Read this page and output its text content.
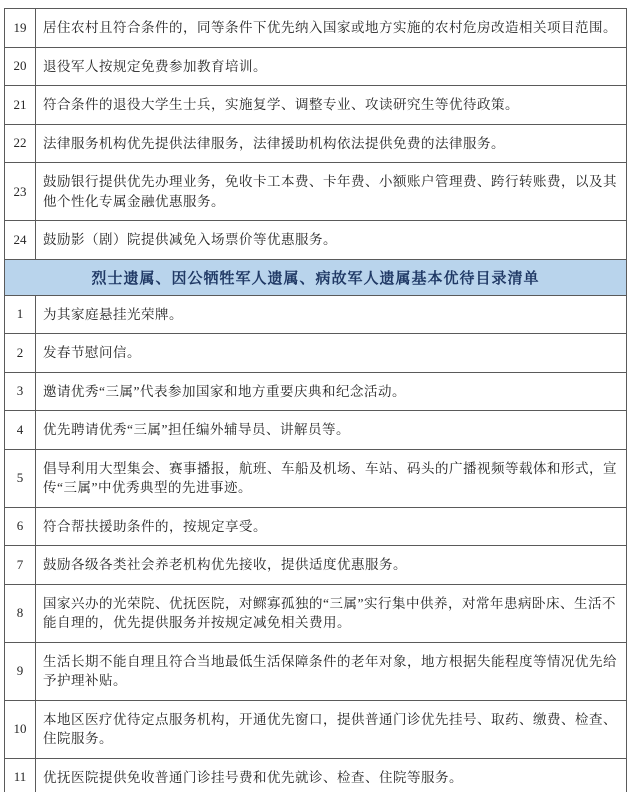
19	居住农村且符合条件的，同等条件下优先纳入国家或地方实施的农村危房改造相关项目范围。
20	退役军人按规定免费参加教育培训。
21	符合条件的退役大学生士兵，实施复学、调整专业、攻读研究生等优待政策。
22	法律服务机构优先提供法律服务，法律援助机构依法提供免费的法律服务。
23	鼓励银行提供优先办理业务，免收卡工本费、卡年费、小额账户管理费、跨行转账费，以及其他个性化专属金融优惠服务。
24	鼓励影（剧）院提供减免入场票价等优惠服务。
烈士遗属、因公牺牲军人遗属、病故军人遗属基本优待目录清单	
1	为其家庭悬挂光荣牌。
2	发春节慰问信。
3	邀请优秀“三属”代表参加国家和地方重要庆典和纪念活动。
4	优先聘请优秀“三属”担任编外辅导员、讲解员等。
5	倡导利用大型集会、赛事播报，航班、车船及机场、车站、码头的广播视频等载体和形式，宣传“三属”中优秀典型的先进事迹。
6	符合帮扶援助条件的，按规定享受。
7	鼓励各级各类社会养老机构优先接收，提供适度优惠服务。
8	国家兴办的光荣院、优抚医院，对鳏寡孤独的“三属”实行集中供养，对常年患病卧床、生活不能自理的，优先提供服务并按规定减免相关费用。
9	生活长期不能自理且符合当地最低生活保障条件的老年对象，地方根据失能程度等情况优先给予护理补贴。
10	本地区医疗优待定点服务机构，开通优先窗口，提供普通门诊优先挂号、取药、缴费、检查、住院服务。
11	优抚医院提供免收普通门诊挂号费和优先就诊、检查、住院等服务。
